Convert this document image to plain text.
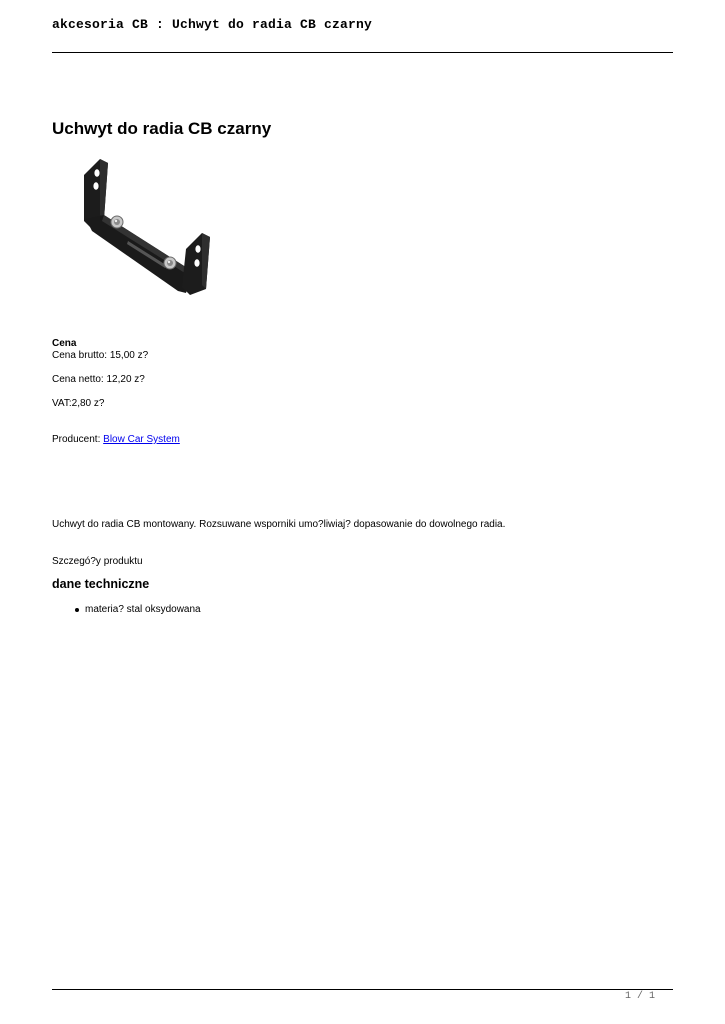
akcesoria CB : Uchwyt do radia CB czarny
Uchwyt do radia CB czarny
Cena
Cena brutto: 15,00 z?
Cena netto: 12,20 z?
VAT:2,80 z?
Producent: Blow Car System
Uchwyt do radia CB montowany. Rozsuwane wsporniki umo?liwiaj? dopasowanie do dowolnego radia.
Szczegó?y produktu
dane techniczne
materia? stal oksydowana
1 / 1
